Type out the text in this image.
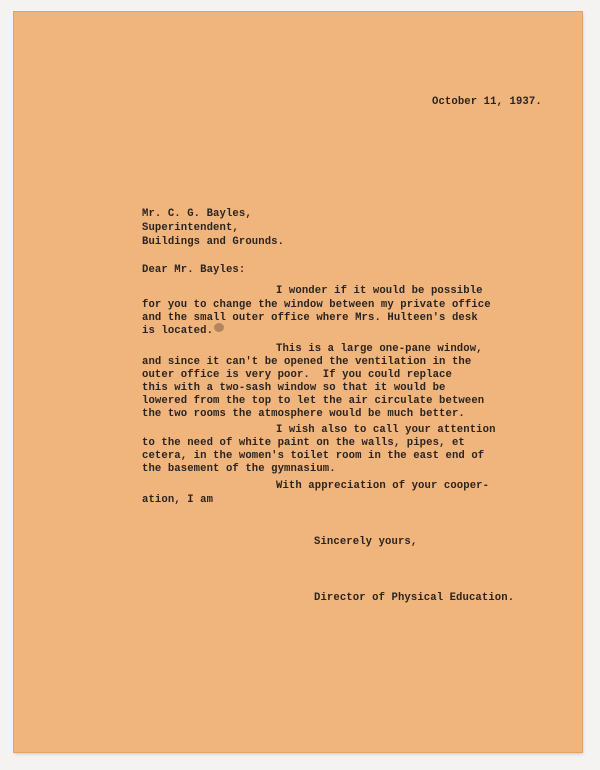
October 11, 1937.
Mr. C. G. Bayles,
Superintendent,
Buildings and Grounds.
Dear Mr. Bayles:
I wonder if it would be possible
for you to change the window between my private office
and the small outer office where Mrs. Hulteen's desk
is located.
This is a large one-pane window,
and since it can't be opened the ventilation in the
outer office is very poor.  If you could replace
this with a two-sash window so that it would be
lowered from the top to let the air circulate between
the two rooms the atmosphere would be much better.
I wish also to call your attention
to the need of white paint on the walls, pipes, et
cetera, in the women's toilet room in the east end of
the basement of the gymnasium.
With appreciation of your cooper-
ation, I am
Sincerely yours,
Director of Physical Education.
